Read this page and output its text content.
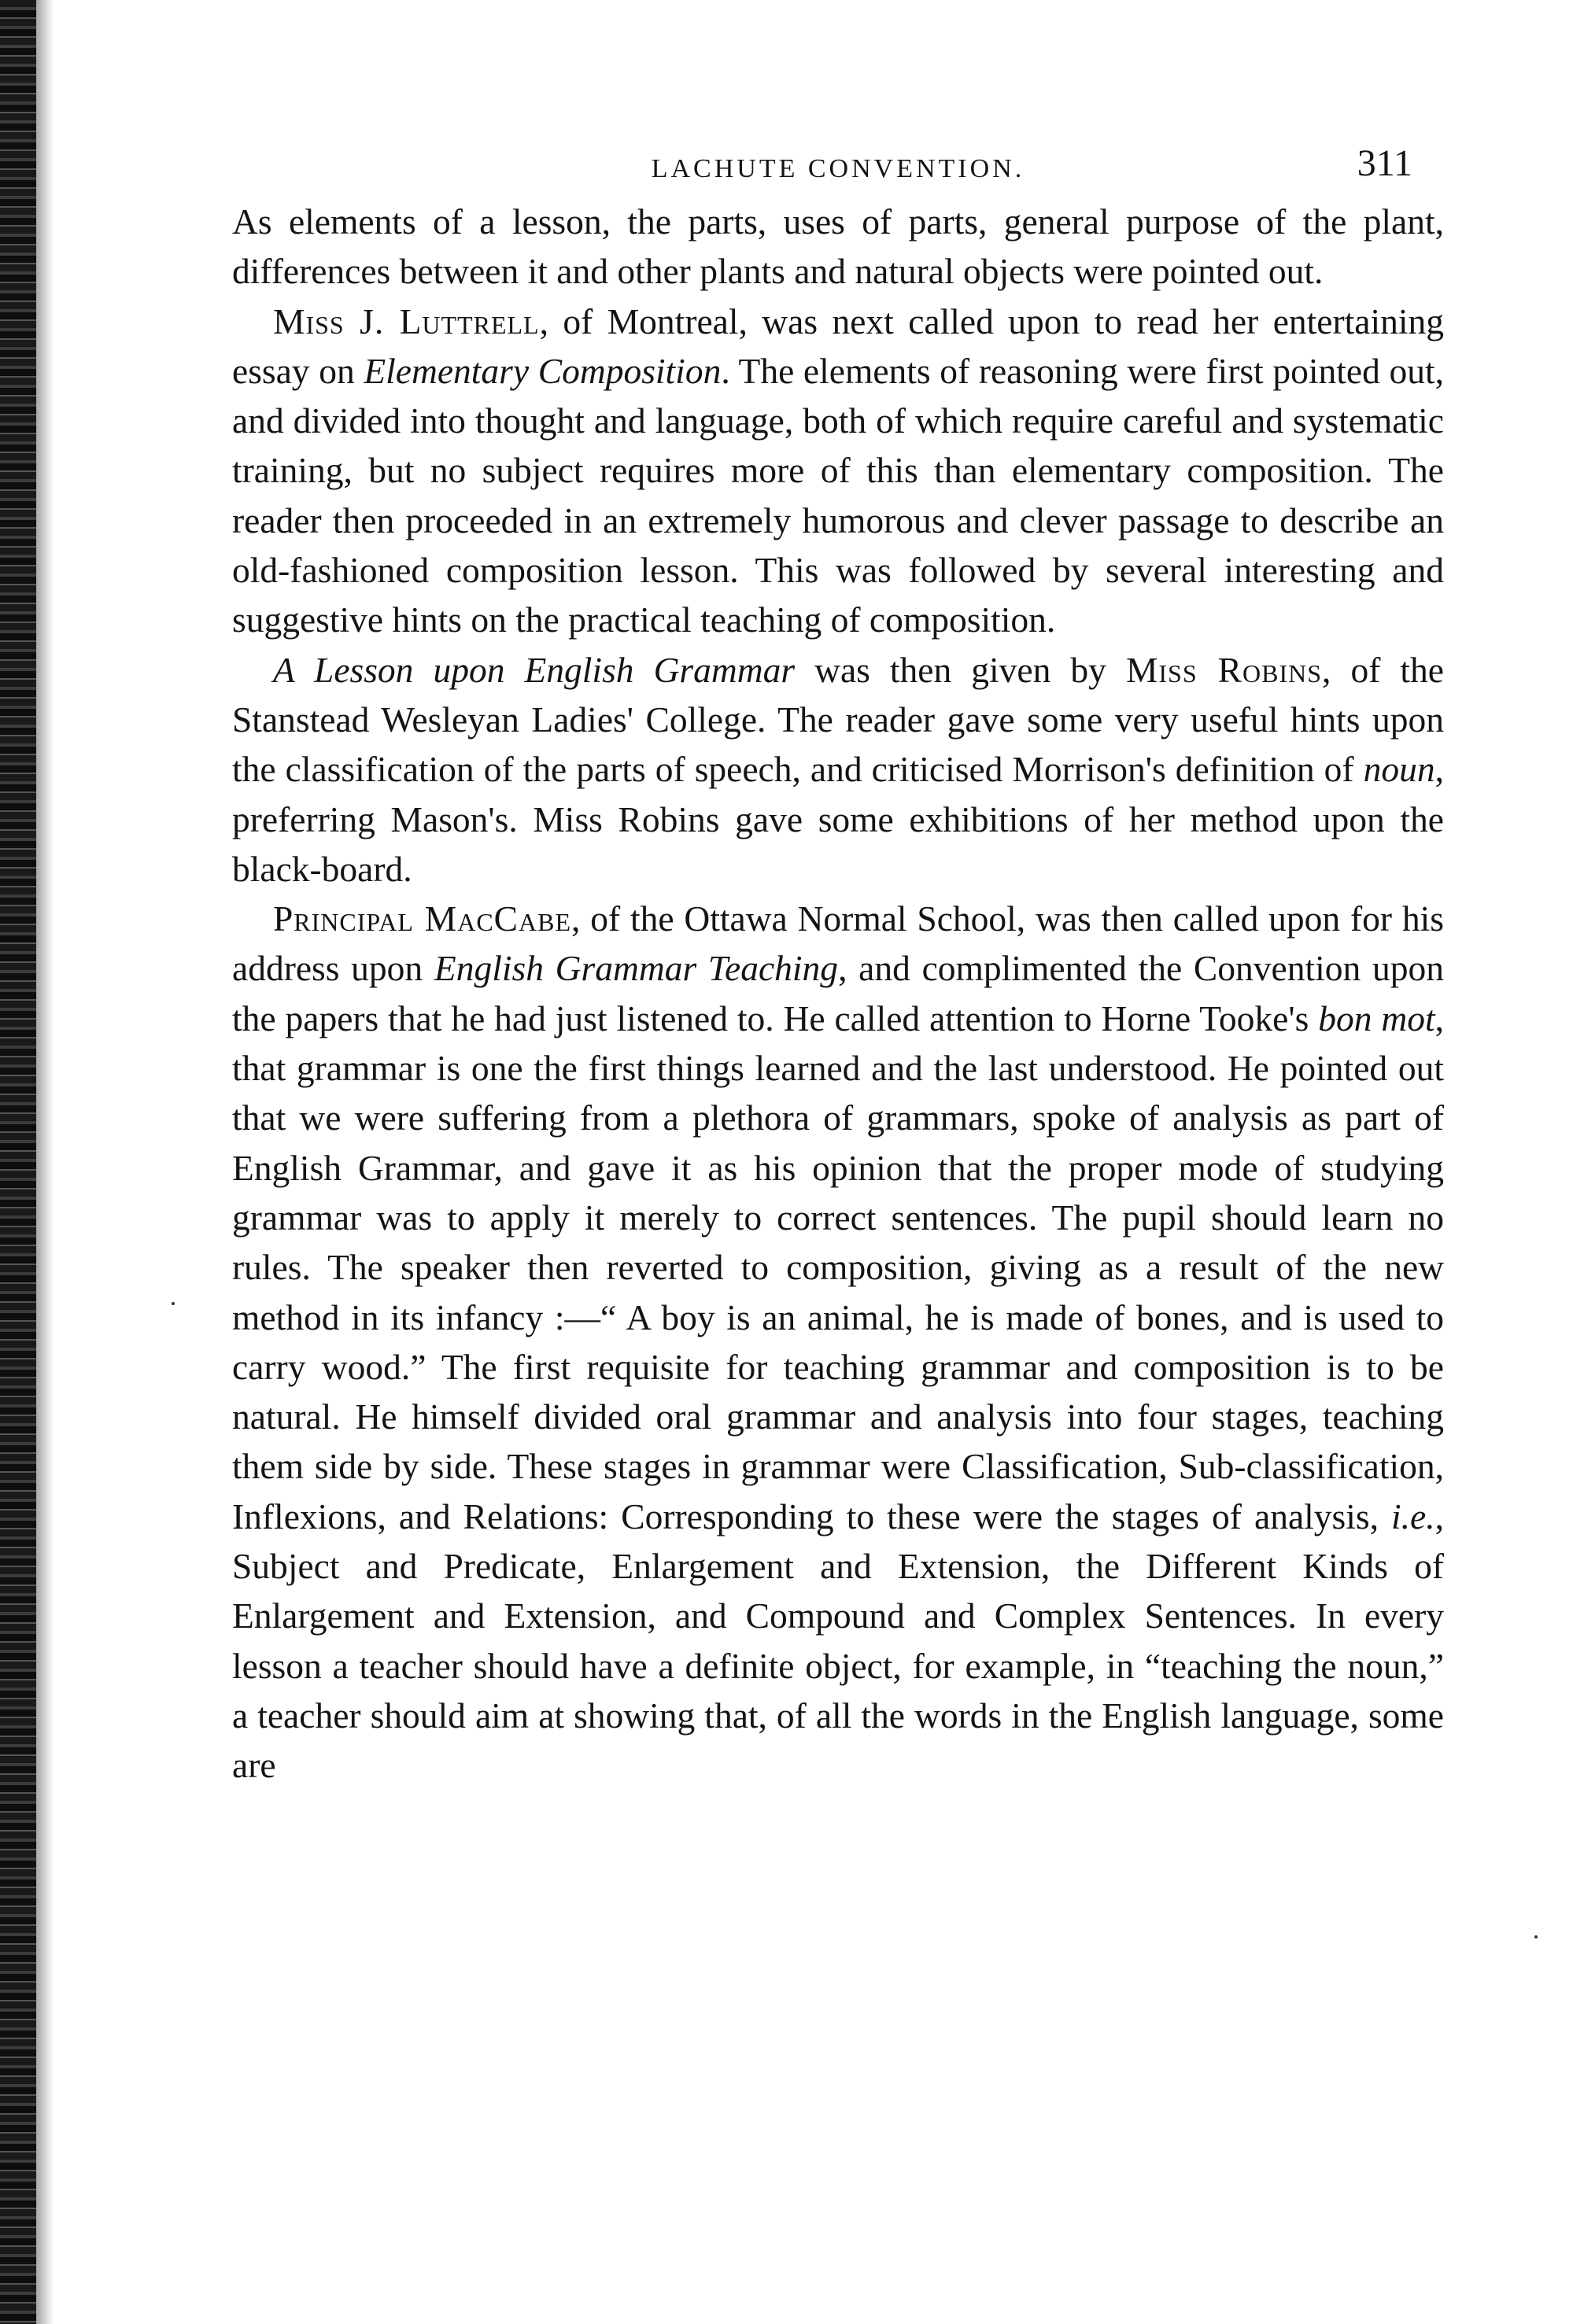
LACHUTE CONVENTION.	311

As elements of a lesson, the parts, uses of parts, general purpose of the plant, differences between it and other plants and natural objects were pointed out.

Miss J. Luttrell, of Montreal, was next called upon to read her entertaining essay on Elementary Composition. The elements of reasoning were first pointed out, and divided into thought and language, both of which require careful and systematic training, but no subject requires more of this than elementary composition. The reader then proceeded in an extremely humorous and clever passage to describe an old-fashioned composition lesson. This was followed by several interesting and suggestive hints on the practical teaching of composition.

A Lesson upon English Grammar was then given by Miss Robins, of the Stanstead Wesleyan Ladies' College. The reader gave some very useful hints upon the classification of the parts of speech, and criticised Morrison's definition of noun, preferring Mason's. Miss Robins gave some exhibitions of her method upon the black-board.

Principal MacCabe, of the Ottawa Normal School, was then called upon for his address upon English Grammar Teaching, and complimented the Convention upon the papers that he had just listened to. He called attention to Horne Tooke's bon mot, that grammar is one the first things learned and the last understood. He pointed out that we were suffering from a plethora of grammars, spoke of analysis as part of English Grammar, and gave it as his opinion that the proper mode of studying grammar was to apply it merely to correct sentences. The pupil should learn no rules. The speaker then reverted to composition, giving as a result of the new method in its infancy :—“ A boy is an animal, he is made of bones, and is used to carry wood.” The first requisite for teaching grammar and composition is to be natural. He himself divided oral grammar and analysis into four stages, teaching them side by side. These stages in grammar were Classification, Sub-classification, Inflexions, and Relations: Corresponding to these were the stages of analysis, i.e., Subject and Predicate, Enlargement and Extension, the Different Kinds of Enlargement and Extension, and Compound and Complex Sentences. In every lesson a teacher should have a definite object, for example, in “teaching the noun,” a teacher should aim at showing that, of all the words in the English language, some are
